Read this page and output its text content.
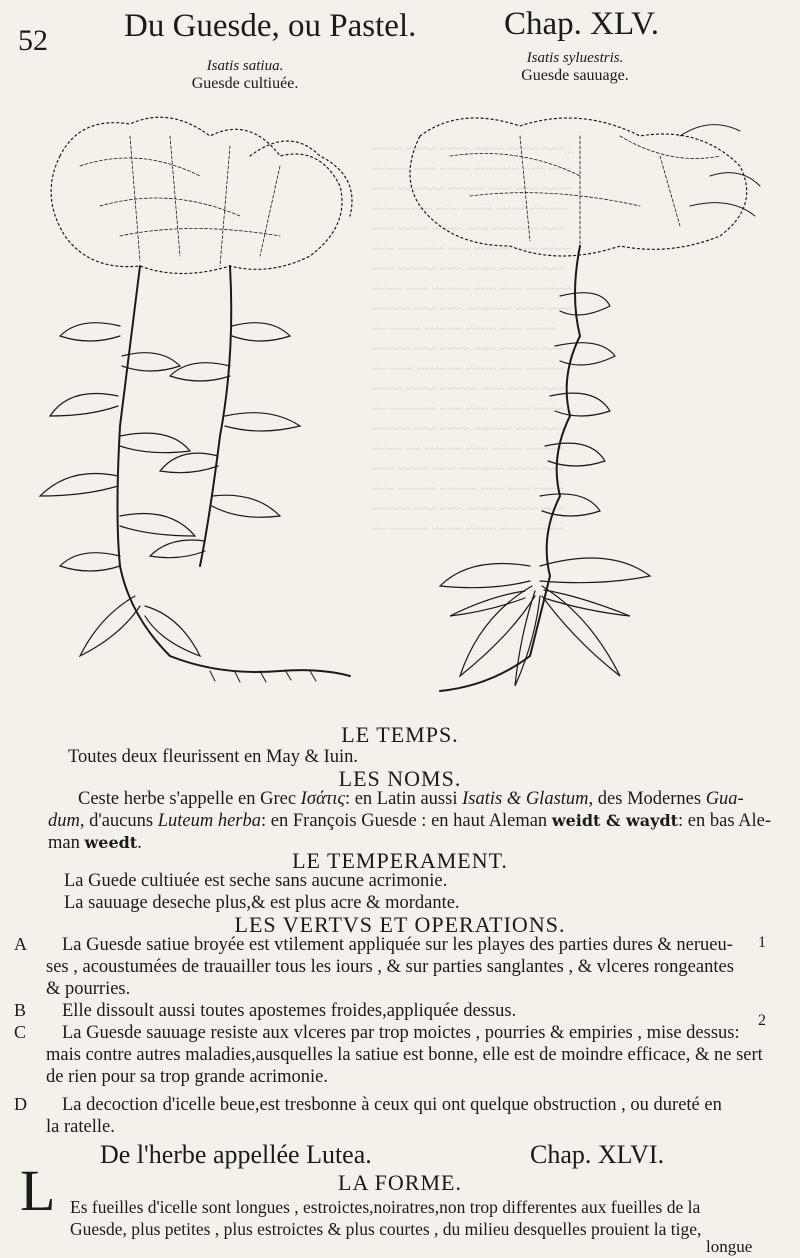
...~~~ ~~~~ ~~~~ ~~~~ ~~~~ ~~~~
~~~ ~~~ ~~~~~~ ~~~~ ~~~ ~~~~~
~~~~ ~~~ ~~~ ~~~~~ ~~~~~~ ~~~
~~~~~ ~~~~ ~~~~ ~~~ ~~~~~~~~
~~~ ~~~~~~ ~~~ ~~~~ ~~~~ ~~~
~~~~ ~~~ ~~~~~ ~~~ ~~~~~~ ~~~
~~~ ~~~~~ ~~~~ ~~~ ~~~~~ ~~~
~~~~~~ ~~~ ~~~ ~~~~~ ~~~ ~~~~
~~~ ~~~~ ~~~~~~ ~~~ ~~~ ~~~~~
~~~~ ~~~ ~~~~ ~~~~~ ~~~~ ~~
~~~ ~~~~~ ~~~ ~~~~ ~~~ ~~~~~
~~~~~ ~~~ ~~~~ ~~~~~~ ~~~ ~~
~~~ ~~~~ ~~~ ~~~~~ ~~~~ ~~~~
~~~~ ~~~~~ ~~~ ~~~ ~~~~~~ ~~
~~~ ~~~ ~~~~~ ~~~~ ~~~ ~~~~~
~~~~~ ~~~~ ~~~ ~~~~~ ~~ ~~~~
~~~ ~~~~ ~~~~~~ ~~~ ~~~~ ~~~
~~~~ ~~~ ~~~ ~~~~~ ~~~~~ ~~~
~~~ ~~~~~ ~~~~ ~~~ ~~~ ~~~~~
~~~~~ ~~~ ~~~~ ~~~~ ~~~~~ ~~
52 Du Guesde, ou Pastel.	Chap. XLV.
Isatis satiua.
Guesde cultiuée.
Isatis syluestris.
Guesde sauuage.
LE TEMPS.
Toutes deux fleurissent en May & Iuin.
LES NOMS.
Ceste herbe s'appelle en Grec Ισάτις: en Latin aussi Isatis & Glastum, des Modernes Gua-
dum, d'aucuns Luteum herba: en François Guesde : en haut Aleman weidt & waydt: en bas Ale-
man weedt.
LE TEMPERAMENT.
La Guede cultiuée est seche sans aucune acrimonie.
La sauuage deseche plus,& est plus acre & mordante.
LES VERTVS ET OPERATIONS.
A La Guesde satiue broyée est vtilement appliquée sur les playes des parties dures & nerueu- 1
ses , acoustumées de trauailler tous les iours , & sur parties sanglantes , & vlceres rongeantes
& pourries.
B Elle dissoult aussi toutes apostemes froides,appliquée dessus.
C La Guesde sauuage resiste aux vlceres par trop moictes , pourries & empiries , mise dessus:
2
mais contre autres maladies,ausquelles la satiue est bonne, elle est de moindre efficace, & ne sert
de rien pour sa trop grande acrimonie.
D La decoction d'icelle beue,est tresbonne à ceux qui ont quelque obstruction , ou dureté en
la ratelle.
De l'herbe appellée Lutea.	Chap. XLVI.
LA FORME.
L Es fueilles d'icelle sont longues , estroictes,noiratres,non trop differentes aux fueilles de la
Guesde, plus petites , plus estroictes & plus courtes , du milieu desquelles prouient la tige,
longue
